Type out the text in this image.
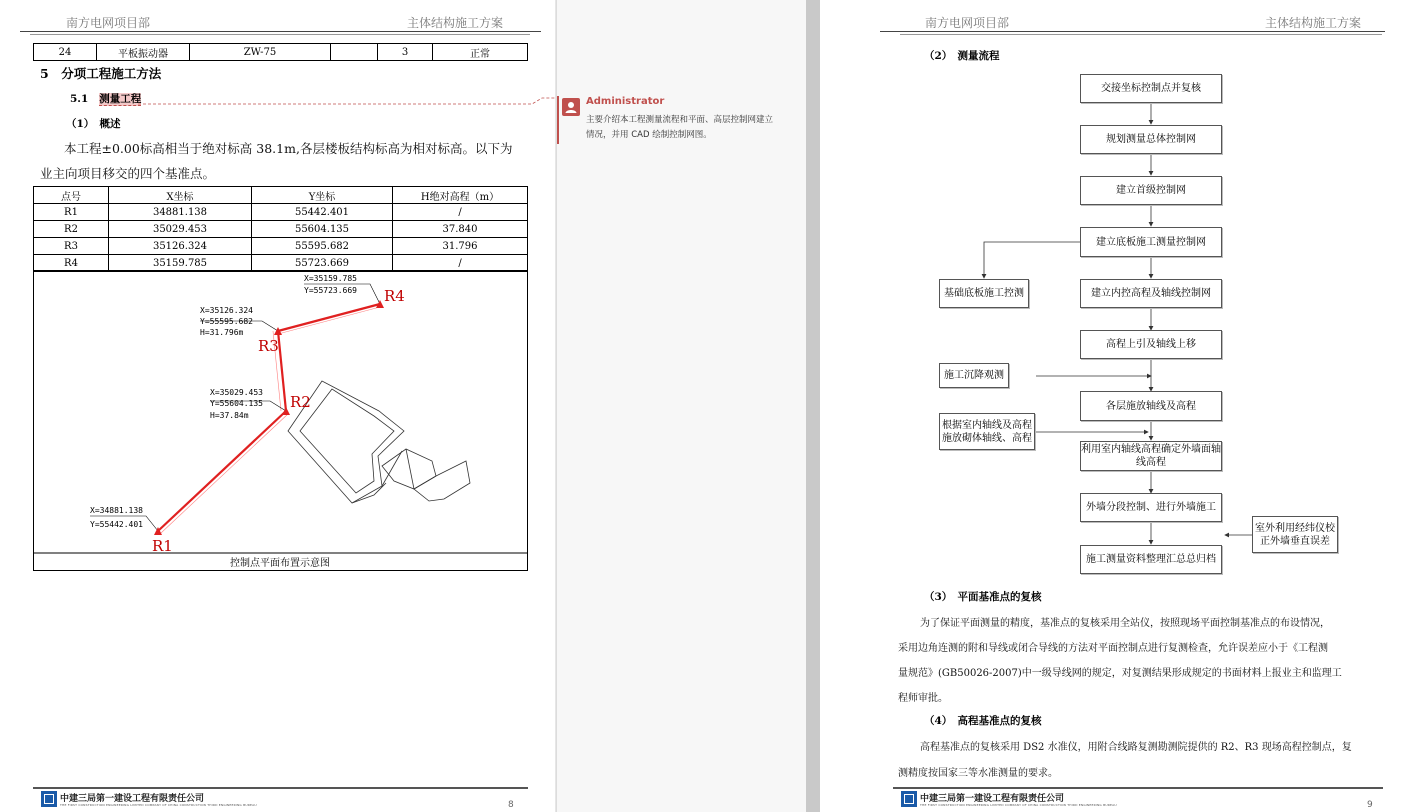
南方电网项目部	主体结构施工方案
24	平板振动器	ZW-75		3	正常
5　分项工程施工方法
5.1 测量工程
（1）　概述
本工程±0.00标高相当于绝对标高 38.1m,各层楼板结构标高为相对标高。以下为
业主向项目移交的四个基准点。
点号	X坐标	Y坐标	H绝对高程（m）
R1	34881.138	55442.401	/
R2	35029.453	55604.135	37.840
R3	35126.324	55595.682	31.796
R4	35159.785	55723.669	/
X=34881.138
Y=55442.401
X=35029.453
Y=55604.135
H=37.84m
X=35126.324
Y=55595.682
H=31.796m
X=35159.785
Y=55723.669
R1
R2
R3
R4
控制点平面布置示意图
中建三局第一建设工程有限责任公司
THE FIRST CONSTRUCTION ENGINEERING LIMITED COMPANY OF CHINA CONSTRUCTION THIRD ENGINEERING BUREAU	8
Administrator
主要介绍本工程测量流程和平面、高层控制网建立
情况，并用 CAD 绘制控制网图。
南方电网项目部	主体结构施工方案
（2）　测量流程
交接坐标控制点并复核
规划测量总体控制网
建立首级控制网
建立底板施工测量控制网
建立内控高程及轴线控制网
高程上引及轴线上移
各层施放轴线及高程
利用室内轴线高程确定外墙面轴
线高程
外墙分段控制、进行外墙施工
施工测量资料整理汇总总归档
基础底板施工控测
施工沉降观测
根据室内轴线及高程
施放砌体轴线、高程
室外利用经纬仪校
正外墙垂直误差
（3）　平面基准点的复核
为了保证平面测量的精度，基准点的复核采用全站仪，按照现场平面控制基准点的布设情况，
采用边角连测的附和导线或闭合导线的方法对平面控制点进行复测检查，允许误差应小于《工程测
量规范》(GB50026-2007)中一级导线网的规定，对复测结果形成规定的书面材料上报业主和监理工
程师审批。
（4）　高程基准点的复核
高程基准点的复核采用 DS2 水准仪，用附合线路复测勘测院提供的 R2、R3 现场高程控制点，复
测精度按国家三等水准测量的要求。
中建三局第一建设工程有限责任公司
THE FIRST CONSTRUCTION ENGINEERING LIMITED COMPANY OF CHINA CONSTRUCTION THIRD ENGINEERING BUREAU	9
